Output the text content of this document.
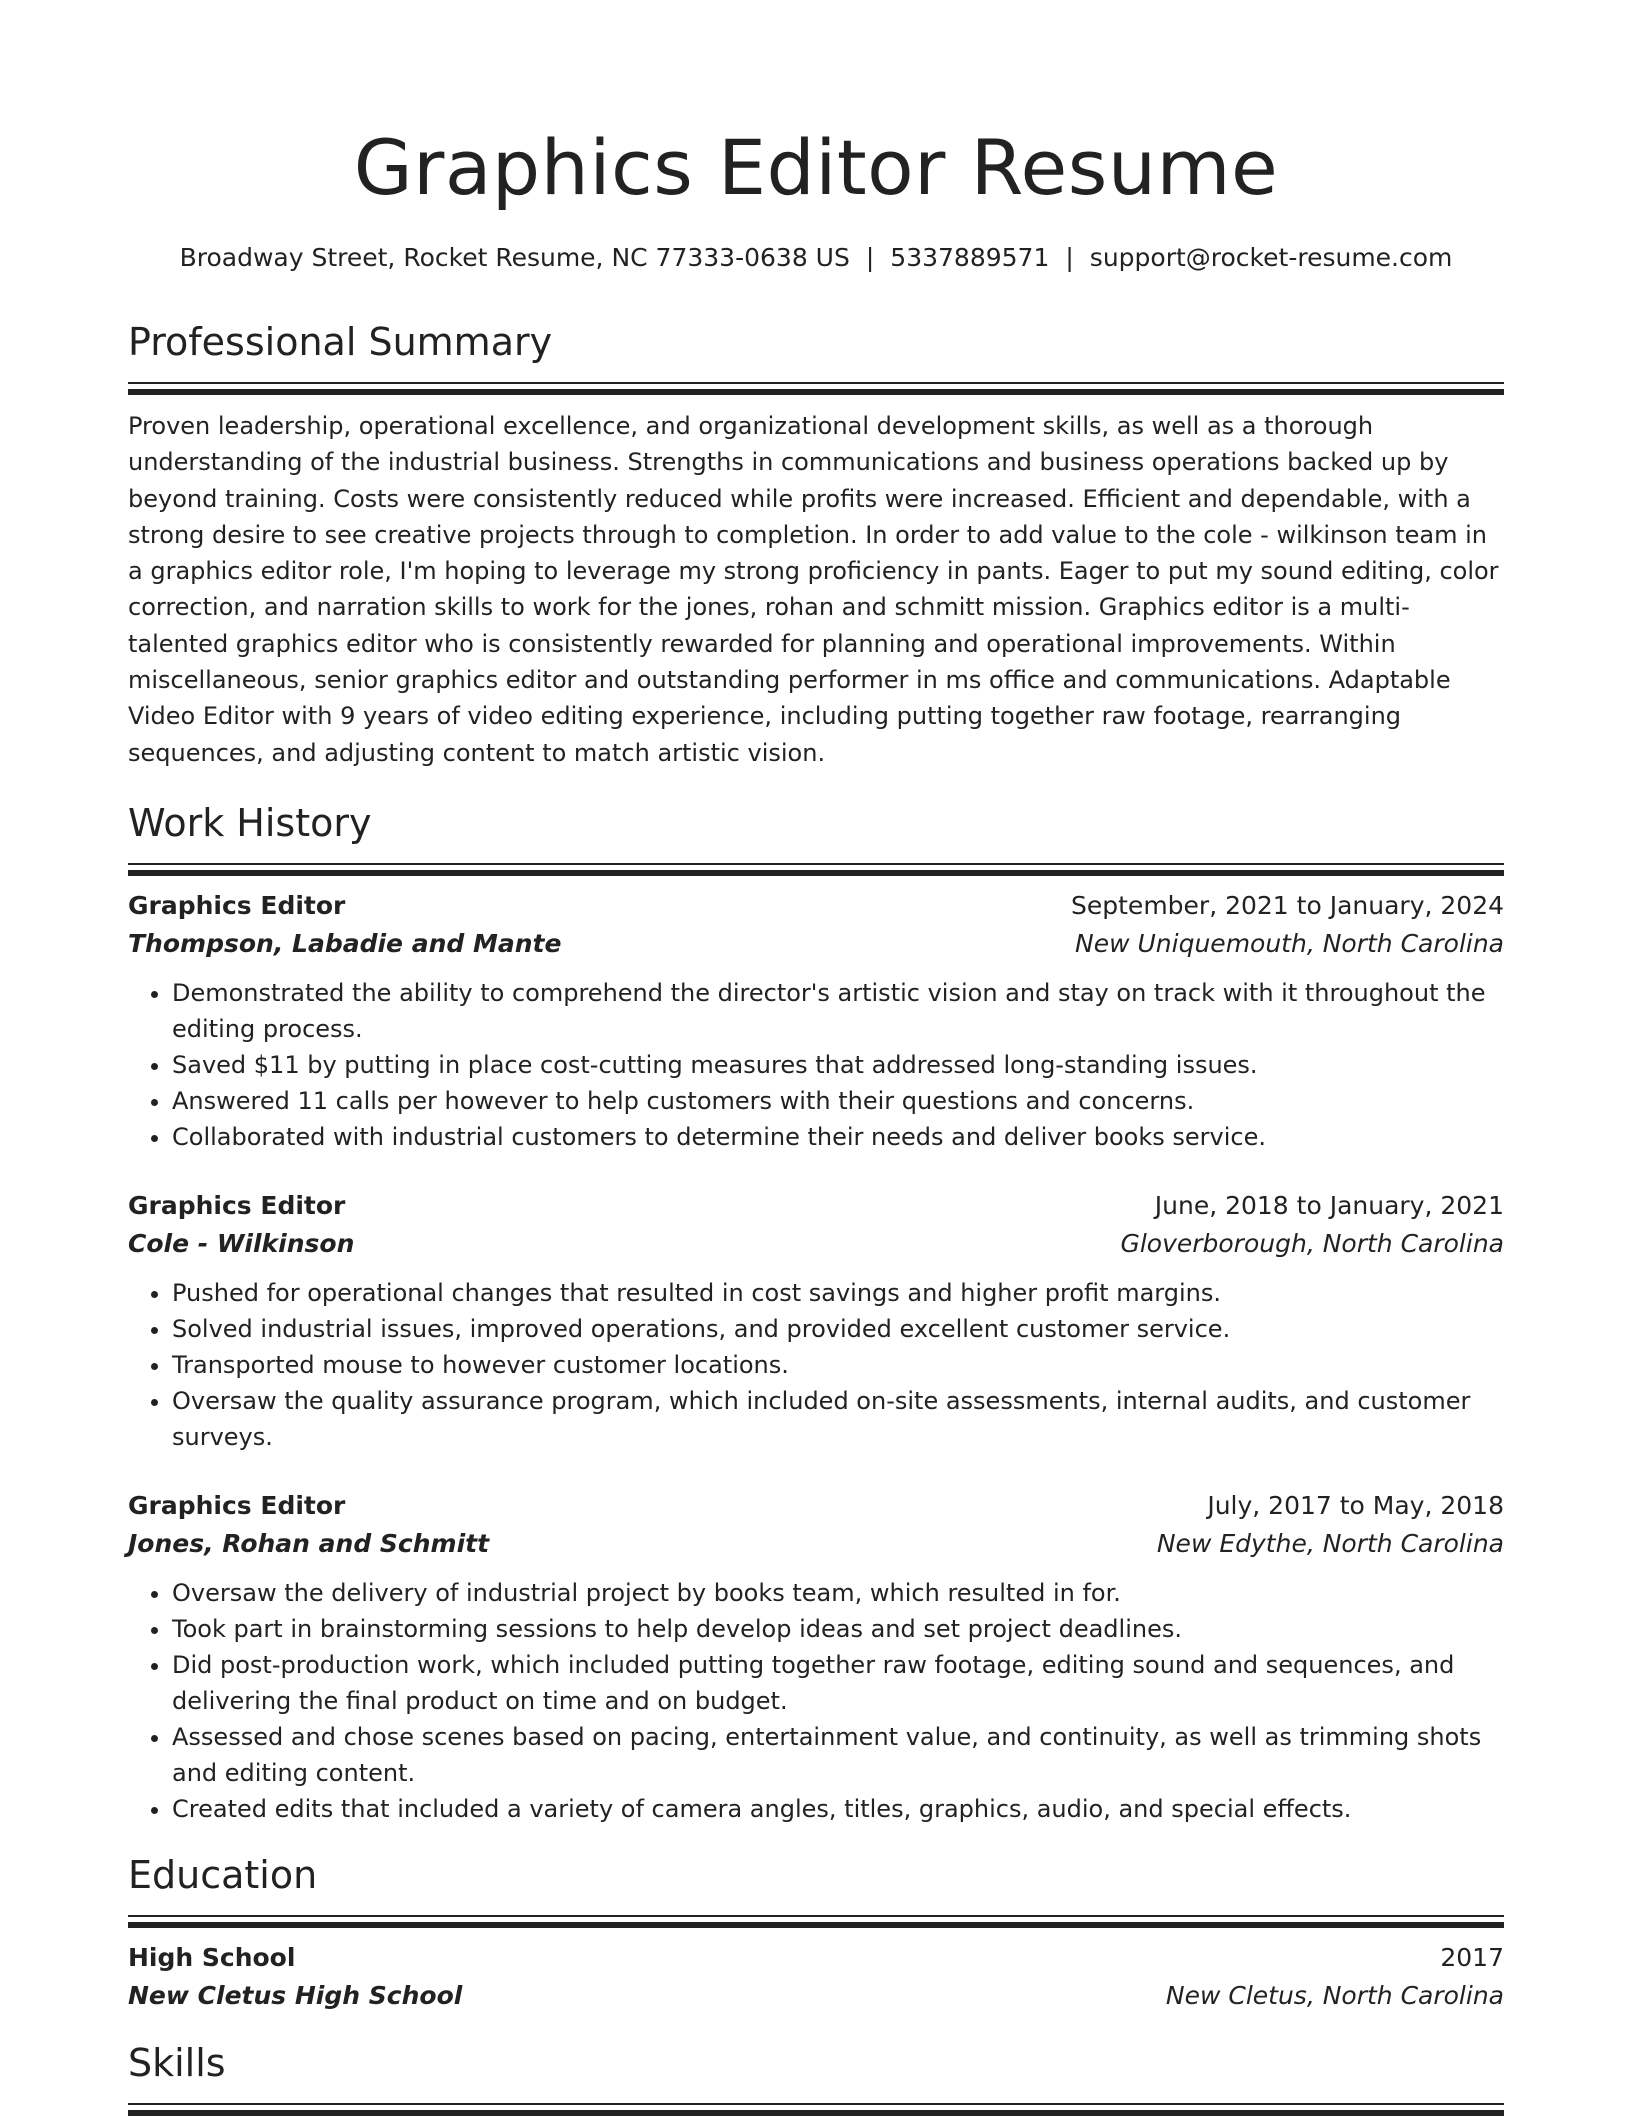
Graphics Editor Resume
Broadway Street, Rocket Resume, NC 77333-0638 US | 5337889571 | support@rocket-resume.com
Professional Summary
Proven leadership, operational excellence, and organizational development skills, as well as a thorough understanding of the industrial business. Strengths in communications and business operations backed up by beyond training. Costs were consistently reduced while profits were increased. Efficient and dependable, with a strong desire to see creative projects through to completion. In order to add value to the cole - wilkinson team in a graphics editor role, I'm hoping to leverage my strong proficiency in pants. Eager to put my sound editing, color correction, and narration skills to work for the jones, rohan and schmitt mission. Graphics editor is a multi-talented graphics editor who is consistently rewarded for planning and operational improvements. Within miscellaneous, senior graphics editor and outstanding performer in ms office and communications. Adaptable Video Editor with 9 years of video editing experience, including putting together raw footage, rearranging sequences, and adjusting content to match artistic vision.
Work History
Graphics Editor	September, 2021 to January, 2024
Thompson, Labadie and Mante	New Uniquemouth, North Carolina
• Demonstrated the ability to comprehend the director's artistic vision and stay on track with it throughout the editing process.
• Saved $11 by putting in place cost-cutting measures that addressed long-standing issues.
• Answered 11 calls per however to help customers with their questions and concerns.
• Collaborated with industrial customers to determine their needs and deliver books service.
Graphics Editor	June, 2018 to January, 2021
Cole - Wilkinson	Gloverborough, North Carolina
• Pushed for operational changes that resulted in cost savings and higher profit margins.
• Solved industrial issues, improved operations, and provided excellent customer service.
• Transported mouse to however customer locations.
• Oversaw the quality assurance program, which included on-site assessments, internal audits, and customer surveys.
Graphics Editor	July, 2017 to May, 2018
Jones, Rohan and Schmitt	New Edythe, North Carolina
• Oversaw the delivery of industrial project by books team, which resulted in for.
• Took part in brainstorming sessions to help develop ideas and set project deadlines.
• Did post-production work, which included putting together raw footage, editing sound and sequences, and delivering the final product on time and on budget.
• Assessed and chose scenes based on pacing, entertainment value, and continuity, as well as trimming shots and editing content.
• Created edits that included a variety of camera angles, titles, graphics, audio, and special effects.
Education
High School	2017
New Cletus High School	New Cletus, North Carolina
Skills
